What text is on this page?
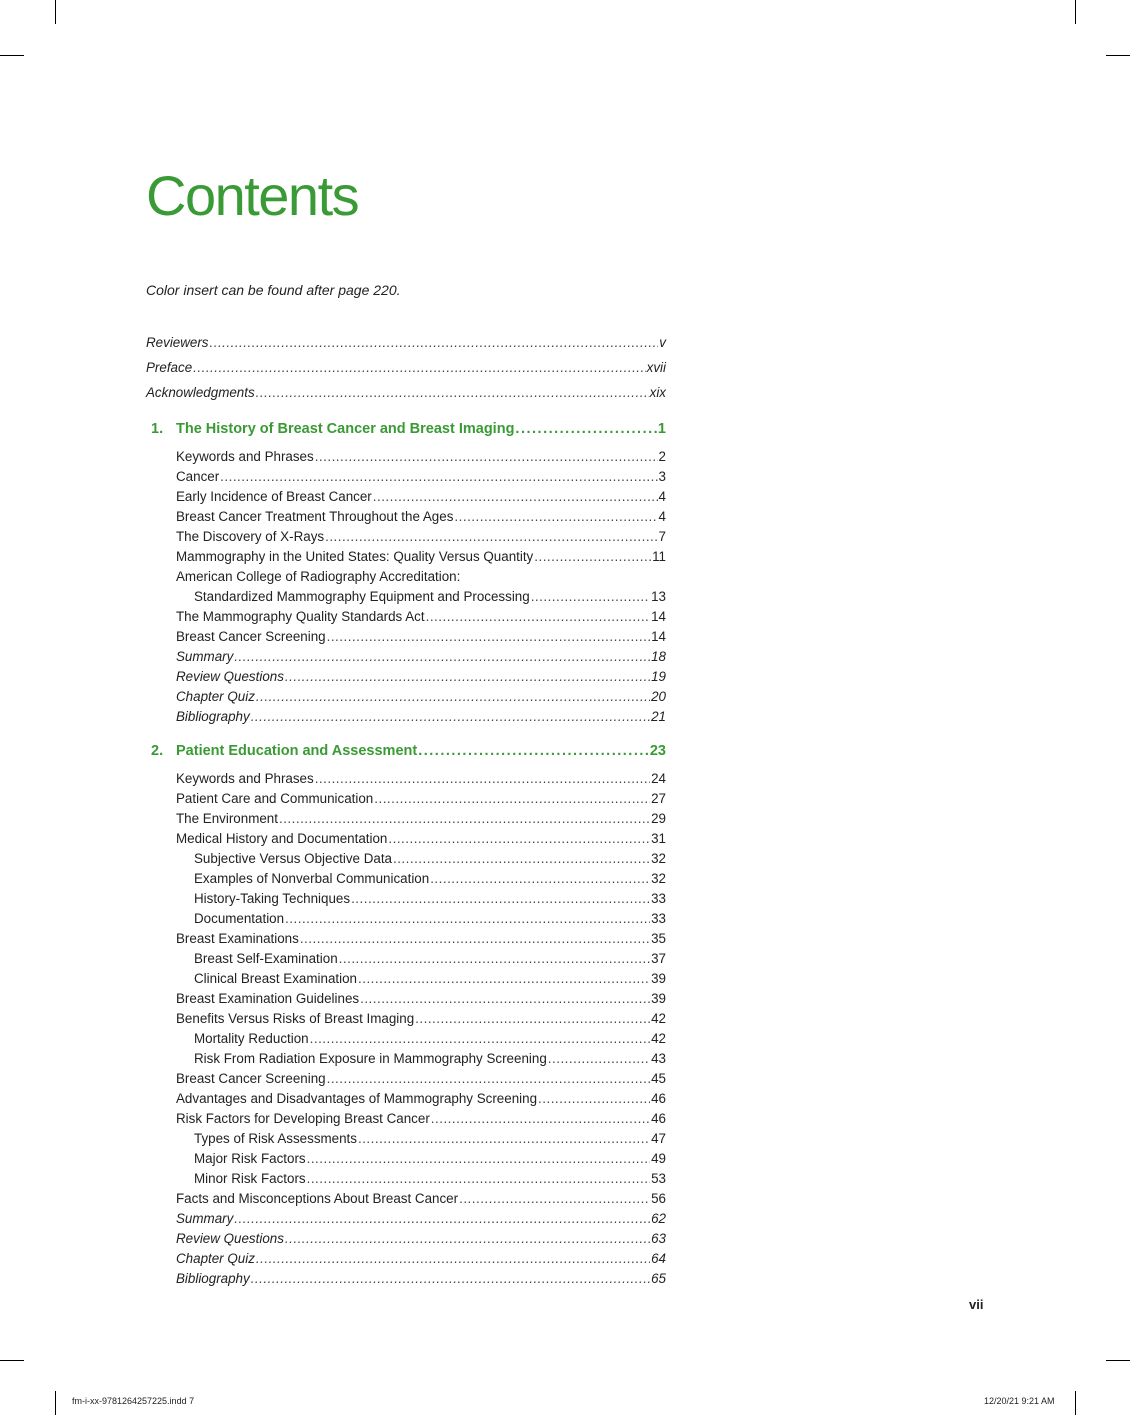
Contents
Color insert can be found after page 220.
Reviewers .....	v
Preface .....	xvii
Acknowledgments .....	xix
1. The History of Breast Cancer and Breast Imaging .....	1
Keywords and Phrases .....	2
Cancer .....	3
Early Incidence of Breast Cancer .....	4
Breast Cancer Treatment Throughout the Ages .....	4
The Discovery of X-Rays .....	7
Mammography in the United States: Quality Versus Quantity .....	11
American College of Radiography Accreditation:
Standardized Mammography Equipment and Processing .....	13
The Mammography Quality Standards Act .....	14
Breast Cancer Screening .....	14
Summary .....	18
Review Questions .....	19
Chapter Quiz .....	20
Bibliography .....	21
2. Patient Education and Assessment .....	23
Keywords and Phrases .....	24
Patient Care and Communication .....	27
The Environment .....	29
Medical History and Documentation .....	31
Subjective Versus Objective Data .....	32
Examples of Nonverbal Communication .....	32
History-Taking Techniques .....	33
Documentation .....	33
Breast Examinations .....	35
Breast Self-Examination .....	37
Clinical Breast Examination .....	39
Breast Examination Guidelines .....	39
Benefits Versus Risks of Breast Imaging .....	42
Mortality Reduction .....	42
Risk From Radiation Exposure in Mammography Screening .....	43
Breast Cancer Screening .....	45
Advantages and Disadvantages of Mammography Screening .....	46
Risk Factors for Developing Breast Cancer .....	46
Types of Risk Assessments .....	47
Major Risk Factors .....	49
Minor Risk Factors .....	53
Facts and Misconceptions About Breast Cancer .....	56
Summary .....	62
Review Questions .....	63
Chapter Quiz .....	64
Bibliography .....	65
vii
fm-i-xx-9781264257225.indd 7	12/20/21 9:21 AM
